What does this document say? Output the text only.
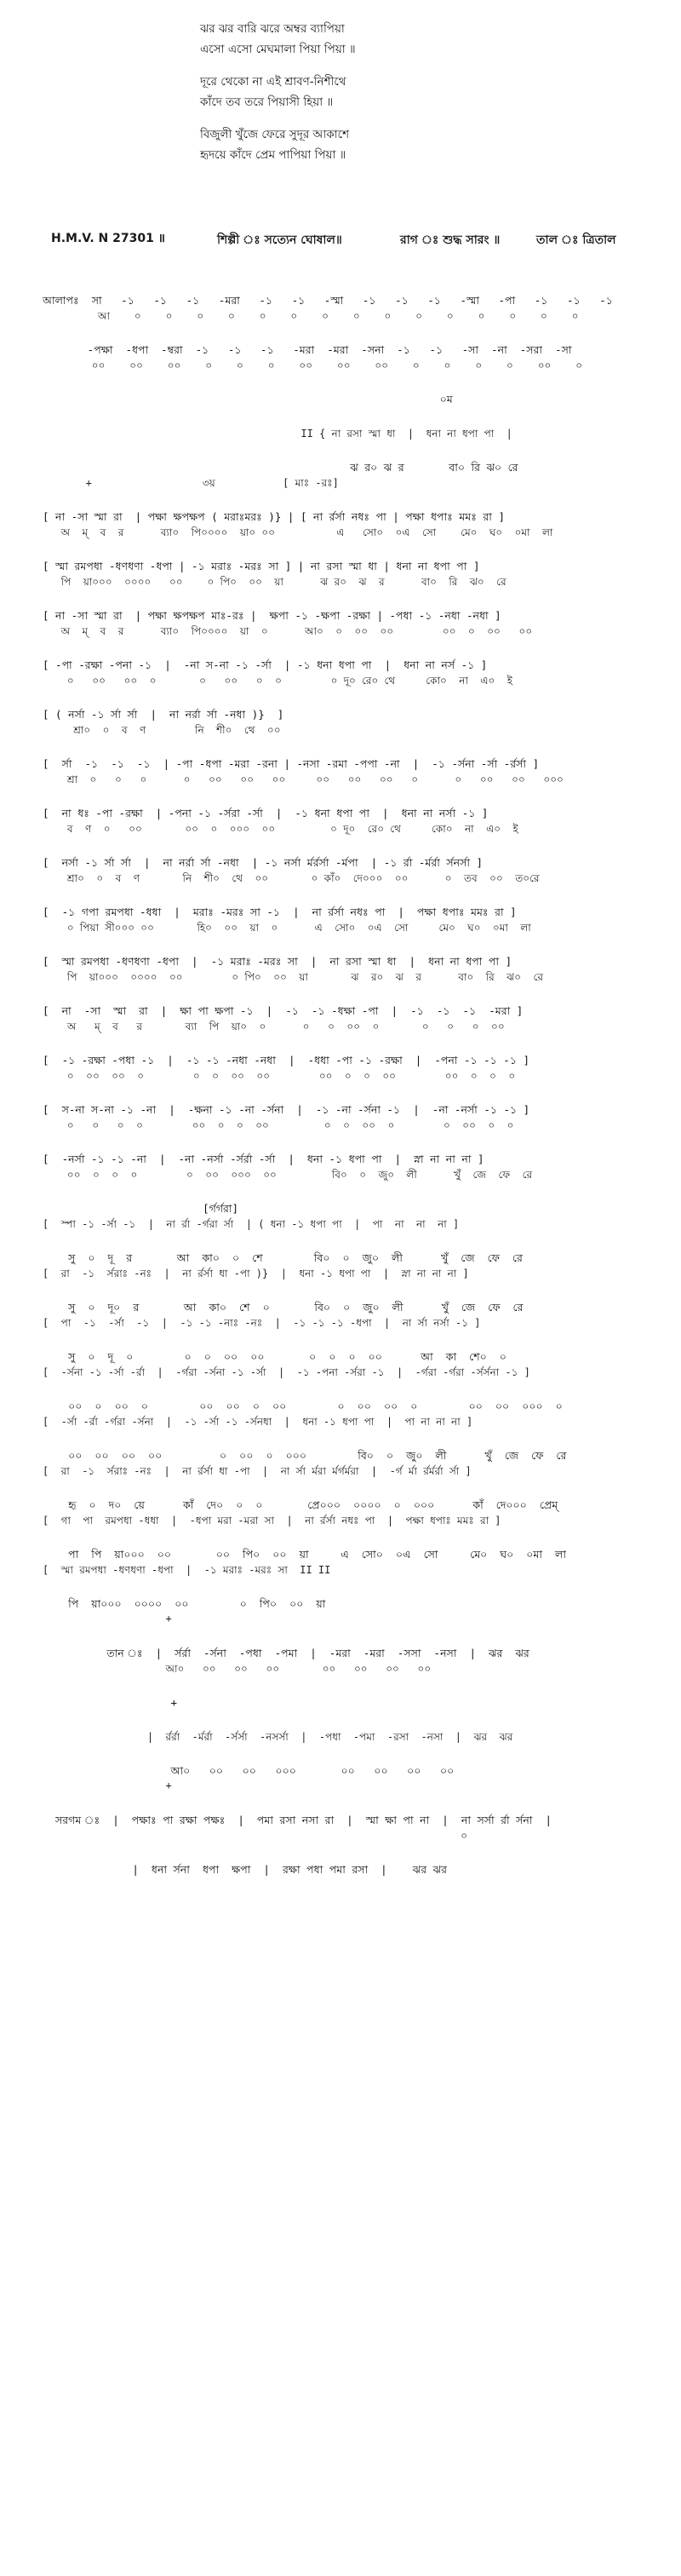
ঝর ঝর বারি ঝরে অম্বর ব্যাপিয়া
এসো এসো মেঘমালা পিয়া পিয়া ॥
দূরে থেকো না এই শ্রাবণ-নিশীথে
কাঁদে তব তরে পিয়াসী হিয়া ॥
বিজুলী খুঁজে ফেরে সুদূর আকাশে
হৃদয়ে কাঁদে প্রেম পাপিয়া পিয়া ॥
H.M.V. N 27301 ॥	শিল্পী ঃ সত্যেন ঘোষাল॥	রাগ ঃ শুদ্ধ সারং ॥	তাল ঃ ত্রিতাল
আলাপঃ  সা   -১   -১   -১   -মরা   -১   -১   -স্মা   -১   -১   -১   -স্মা   -পা   -১   -১   -১
আ    ০    ০    ০    ০    ০    ০    ০    ০    ০    ০    ০    ০    ০    ০    ০
-পক্ষা  -ধপা  -ম্বরা  -১   -১   -১   -মরা  -মরা  -সনা  -১   -১   -সা  -না  -সরা  -সা
০০    ০০    ০০    ০    ০    ০    ০০    ০০    ০০    ০    ০    ০    ০    ০০    ০
০ম
II { না রসা স্মা ধা  |  ধনা না ধপা পা  |
ঝ র০ ঝ র       বা০ রি ঝ০ রে
+                  ৩য়           [ মাঃ -রঃ]
[ না -সা স্মা রা  | পক্ষা ক্ষপক্ষপ ( মরাঃমরঃ )} | [ না র্রর্সা নধঃ পা | পক্ষা ধপাঃ মমঃ রা ]
অ  ম্  ব  র      ব্যা০  পি০০০০  য়া০ ০০          এ   সো০  ০এ  সো    মে০  ঘ০  ০মা  লা
[ স্মা রমপধা -ধণধণা -ধপা | -১ মরাঃ -মরঃ সা ] | না রসা স্মা ধা | ধনা না ধপা পা ]
পি  য়া০০০  ০০০০   ০০    ০ পি০  ০০  য়া      ঝ র০  ঝ  র      বা০  রি  ঝ০  রে
[ না -সা স্মা রা  | পক্ষা ক্ষপক্ষপ মাঃ-রঃ |  ক্ষপা -১ -ক্ষপা -রক্ষা | -পধা -১ -নধা -নধা ]
অ  ম্  ব  র      ব্যা০  পি০০০০  য়া  ০      আ০  ০  ০০  ০০        ০০  ০  ০০   ০০
[ -পা -রক্ষা -পনা -১  |  -না স-না -১ -র্সা  | -১ ধনা ধপা পা  |  ধনা না নর্স -১ ]
০   ০০   ০০  ০       ০   ০০   ০  ০        ০ দূ০ রে০ থে     কো০  না  এ০  ই
[ ( নর্সা -১ র্সা র্সা  |  না নর্রা র্সা -নধা )}  ]
শ্রা০  ০  ব  ণ        নি  শী০  থে  ০০
[  র্সা  -১  -১  -১  | -পা -ধপা -মরা -রনা | -নসা -রমা -পপা -না  |  -১ -র্সনা -র্সা -র্রর্সা ]
শ্রা  ০   ০   ০      ০   ০০   ০০   ০০     ০০   ০০   ০০   ০      ০   ০০   ০০   ০০০
[  না ধঃ -পা -রক্ষা  | -পনা -১ -র্সরা -র্সা  |  -১ ধনা ধপা পা  |  ধনা না নর্সা -১ ]
ব  ণ  ০   ০০       ০০  ০  ০০০  ০০         ০ দূ০  রে০ থে     কো০  না  এ০  ই
[  নর্সা -১ র্সা র্সা  |  না নর্রা র্সা -নধা  | -১ নর্সা র্মর্রর্সা -র্মপা  | -১ র্রা -র্মর্রা র্সনর্সা ]
শ্রা০  ০  ব  ণ       নি  শী০  থে  ০০       ০ কাঁ০  দে০০০  ০০      ০  তব  ০০  ত০রে
[  -১ গপা রমপধা -ধধা  |  মরাঃ -মরঃ সা -১  |  না র্রর্সা নধঃ পা  |  পক্ষা ধপাঃ মমঃ রা ]
০ পিয়া সী০০০ ০০       হি০  ০০  য়া  ০      এ  সো০  ০এ  সো     মে০  ঘ০  ০মা  লা
[  স্মা রমপধা -ধণধণা -ধপা  |  -১ মরাঃ -মরঃ সা  |  না রসা স্মা ধা  |  ধনা না ধপা পা ]
পি  য়া০০০  ০০০০  ০০        ০ পি০  ০০  য়া       ঝ  র০  ঝ  র      বা০  রি  ঝ০  রে
[  না  -সা  স্মা  রা  |  ক্ষা পা ক্ষপা -১  |  -১  -১ -ধক্ষা -পা  |  -১  -১  -১  -মরা ]
অ   ম্  ব   র       ব্যা  পি  য়া০  ০      ০   ০  ০০  ০       ০   ০   ০  ০০
[  -১ -রক্ষা -পধা -১  |  -১ -১ -নধা -নধা  |  -ধধা -পা -১ -রক্ষা  |  -পনা -১ -১ -১ ]
০  ০০  ০০  ০        ০  ০  ০০  ০০        ০০  ০  ০  ০০        ০০  ০  ০  ০
[  স-না স-না -১ -না  |  -ক্ষনা -১ -না -র্সনা  |  -১ -না -র্সনা -১  |  -না -নর্সা -১ -১ ]
০   ০   ০  ০        ০০  ০  ০  ০০         ০  ০  ০০  ০        ০  ০০  ০  ০
[  -নর্সা -১ -১ -না  |  -না -নর্সা -র্সর্রা -র্সা  |  ধনা -১ ধপা পা  |  স্না না না না ]
০০  ০  ০  ০        ০  ০০  ০০০  ০০         বি০  ০  জু০  লী      খুঁ  জে  ফে  রে
[র্গর্গরা]
[  স্পা -১ -র্সা -১  |  না র্রা -র্গরা র্সা  | ( ধনা -১ ধপা পা  |  পা  না  না  না ]
সু  ০  দূ  র       আ  কা০  ০  শে        বি০  ০  জু০  লী      খুঁ  জে  ফে  রে
[  রা  -১  র্সরাঃ -নঃ  |  না র্রর্সা ধা -পা )}  |  ধনা -১ ধপা পা  |  স্না না না না ]
সু  ০  দূ০  র       আ  কা০  শে  ০       বি০  ০  জু০  লী      খুঁ  জে  ফে  রে
[  পা  -১  -র্সা  -১  |  -১ -১ -নাঃ -নঃ  |  -১ -১ -১ -ধপা  |  না র্সা নর্সা -১ ]
সু  ০  দূ  ০        ০  ০  ০০  ০০       ০  ০  ০  ০০      আ  কা  শে০  ০
[  -র্সনা -১ -র্সা -র্রা  |  -র্গরা -র্সনা -১ -র্সা  |  -১ -পনা -র্সরা -১  |  -র্গরা -র্গরা -র্সর্সনা -১ ]
০০  ০  ০০  ০        ০০  ০০  ০  ০০        ০  ০০  ০০  ০        ০০  ০০  ০০০  ০
[  -র্সা -র্রা -র্গরা -র্সনা  |  -১ -র্সা -১ -র্সনধা  |  ধনা -১ ধপা পা  |  পা না না না ]
০০  ০০  ০০  ০০         ০  ০০  ০  ০০০        বি০  ০  জু০  লী      খুঁ  জে  ফে  রে
[  রা  -১  র্সরাঃ -নঃ  |  না র্রর্সা ধা -পা  |  না র্সা র্মরা র্মর্গর্মরা  |  -র্গ র্মা র্রর্মর্রা র্সা ]
হৃ  ০  দ০  য়ে      কাঁ  দে০  ০  ০       প্রে০০০  ০০০০  ০  ০০০      কাঁ  দে০০০  প্রেম্
[  গা  পা  রমপধা -ধধা  |  -ধপা মরা -মরা সা  |  না র্রর্সা নধঃ পা  |  পক্ষা ধপাঃ মমঃ রা ]
পা  পি  য়া০০০  ০০       ০০  পি০  ০০  য়া     এ  সো০  ০এ  সো     মে০  ঘ০  ০মা  লা
[  স্মা রমপধা -ধণধণা -ধপা  |  -১ মরাঃ -মরঃ সা  II II
পি  য়া০০০  ০০০০  ০০        ০  পি০  ০০  য়া
+
তান ঃ  |  র্সর্রা  -র্সনা  -পধা  -পমা  |  -মরা  -মরা  -সসা  -নসা  |  ঝর  ঝর
আ০   ০০   ০০   ০০       ০০   ০০   ০০   ০০
+
|  র্রর্রা  -র্মর্রা  -র্সর্সা  -নসর্সা  |  -পধা  -পমা  -রসা  -নসা  |  ঝর  ঝর
আ০   ০০   ০০   ০০০       ০০   ০০   ০০   ০০
+
সরগম ঃ  |  পক্ষাঃ পা রক্ষা পক্ষঃ  |  পমা রসা নসা রা  |  স্মা ক্ষা পা না  |  না সর্সা র্রা র্সনা  |
০
|  ধনা র্সনা  ধপা  ক্ষপা  |  রক্ষা পধা পমা রসা  |    ঝর ঝর
